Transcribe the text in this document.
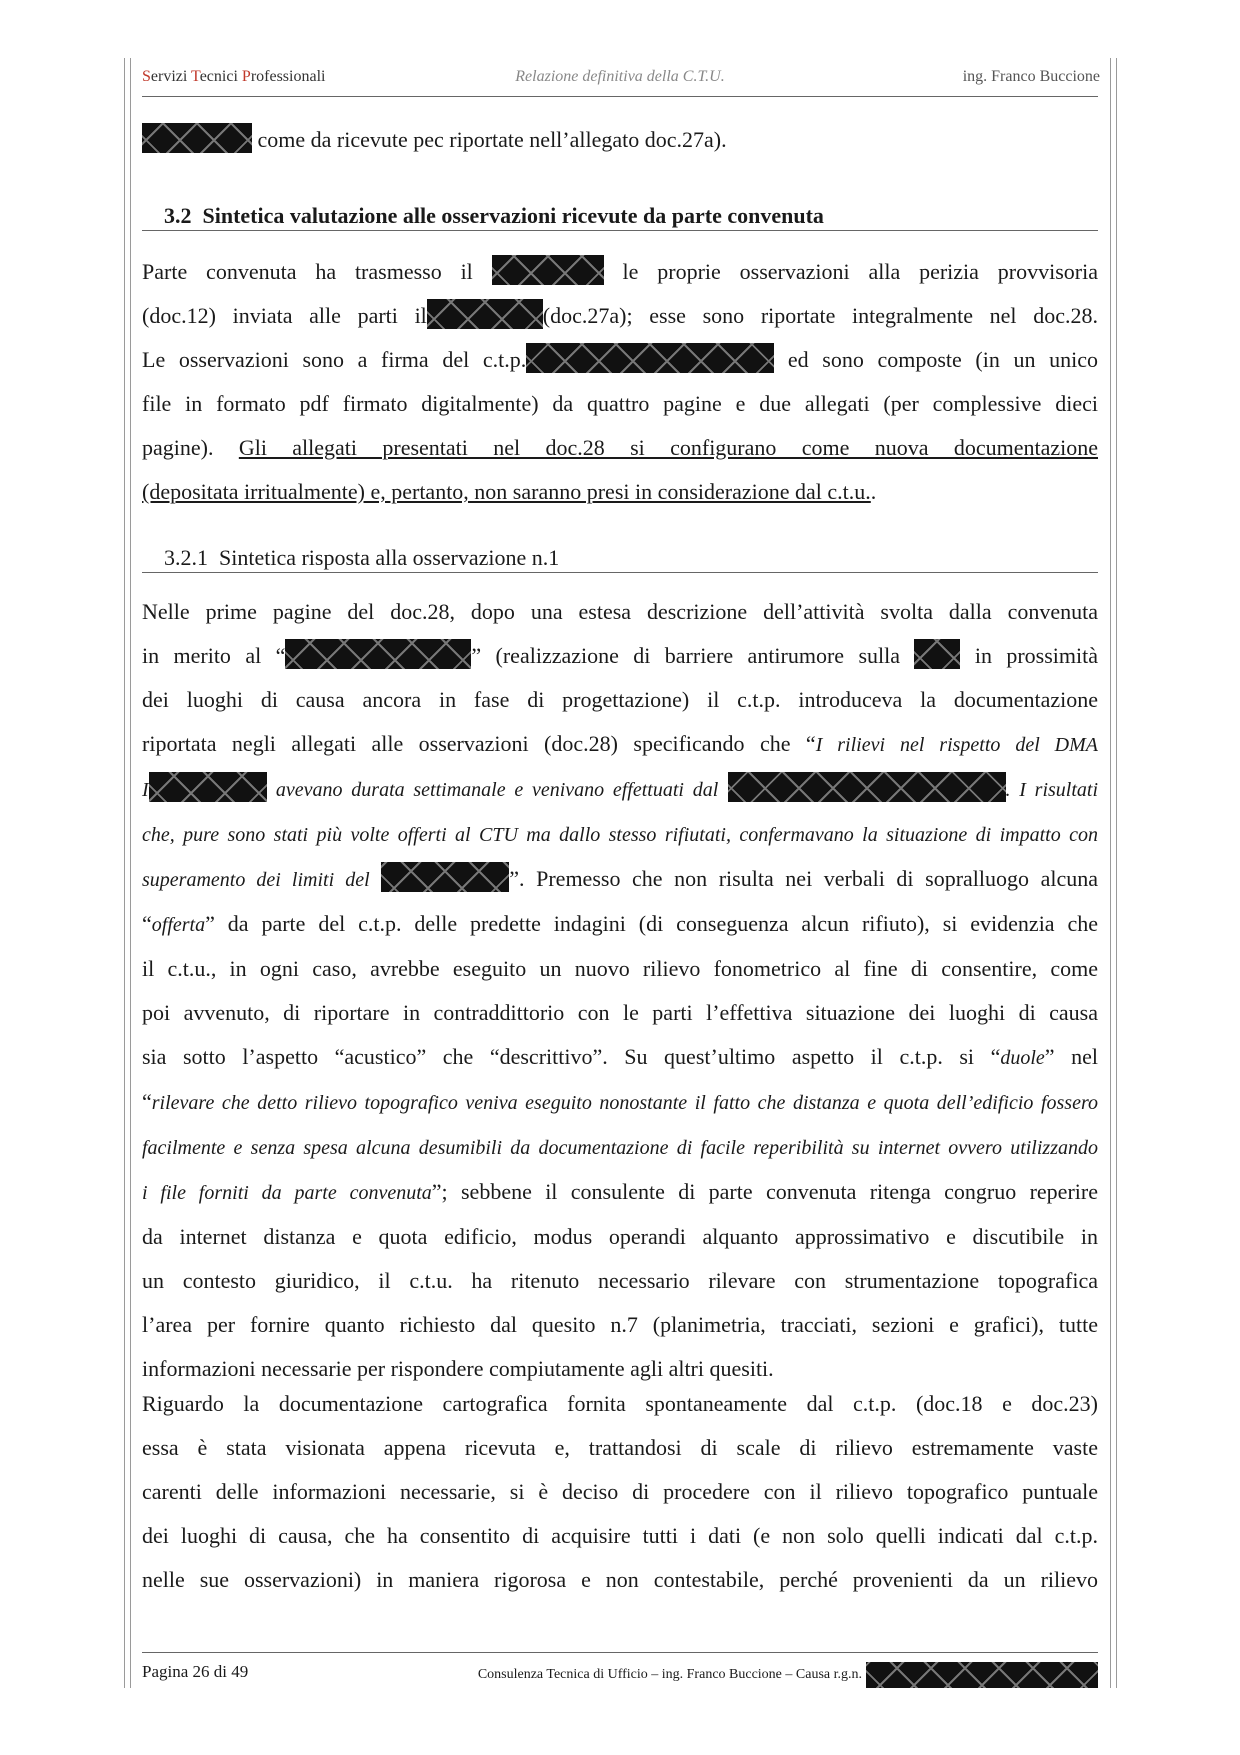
Servizi Tecnici Professionali	Relazione definitiva della C.T.U.	ing. Franco Buccione
come da ricevute pec riportate nell’allegato doc.27a).
3.2 Sintetica valutazione alle osservazioni ricevute da parte convenuta
Parte convenuta ha trasmesso il	le proprie osservazioni alla perizia provvisoria
(doc.12) inviata alle parti il	(doc.27a); esse sono riportate integralmente nel doc.28.
Le osservazioni sono a firma del c.t.p.	ed sono composte (in un unico
file in formato pdf firmato digitalmente) da quattro pagine e due allegati (per complessive dieci
pagine). Gli allegati presentati nel doc.28 si configurano come nuova documentazione
(depositata irritualmente) e, pertanto, non saranno presi in considerazione dal c.t.u..
3.2.1 Sintetica risposta alla osservazione n.1
Nelle prime pagine del doc.28, dopo una estesa descrizione dell’attività svolta dalla convenuta
in merito al “	” (realizzazione di barriere antirumore sulla	in prossimità
dei luoghi di causa ancora in fase di progettazione) il c.t.p. introduceva la documentazione
riportata negli allegati alle osservazioni (doc.28) specificando che “I rilievi nel rispetto del DMA
I	avevano durata settimanale e venivano effettuati dal	. I risultati
che, pure sono stati più volte offerti al CTU ma dallo stesso rifiutati, confermavano la situazione di impatto con
superamento dei limiti del	”. Premesso che non risulta nei verbali di sopralluogo alcuna
“offerta” da parte del c.t.p. delle predette indagini (di conseguenza alcun rifiuto), si evidenzia che
il c.t.u., in ogni caso, avrebbe eseguito un nuovo rilievo fonometrico al fine di consentire, come
poi avvenuto, di riportare in contraddittorio con le parti l’effettiva situazione dei luoghi di causa
sia sotto l’aspetto “acustico” che “descrittivo”. Su quest’ultimo aspetto il c.t.p. si “duole” nel
“rilevare che detto rilievo topografico veniva eseguito nonostante il fatto che distanza e quota dell’edificio fossero
facilmente e senza spesa alcuna desumibili da documentazione di facile reperibilità su internet ovvero utilizzando
i file forniti da parte convenuta”; sebbene il consulente di parte convenuta ritenga congruo reperire
da internet distanza e quota edificio, modus operandi alquanto approssimativo e discutibile in
un contesto giuridico, il c.t.u. ha ritenuto necessario rilevare con strumentazione topografica
l’area per fornire quanto richiesto dal quesito n.7 (planimetria, tracciati, sezioni e grafici), tutte
informazioni necessarie per rispondere compiutamente agli altri quesiti.
Riguardo la documentazione cartografica fornita spontaneamente dal c.t.p. (doc.18 e doc.23)
essa è stata visionata appena ricevuta e, trattandosi di scale di rilievo estremamente vaste
carenti delle informazioni necessarie, si è deciso di procedere con il rilievo topografico puntuale
dei luoghi di causa, che ha consentito di acquisire tutti i dati (e non solo quelli indicati dal c.t.p.
nelle sue osservazioni) in maniera rigorosa e non contestabile, perché provenienti da un rilievo
Pagina 26 di 49	Consulenza Tecnica di Ufficio – ing. Franco Buccione – Causa r.g.n.
